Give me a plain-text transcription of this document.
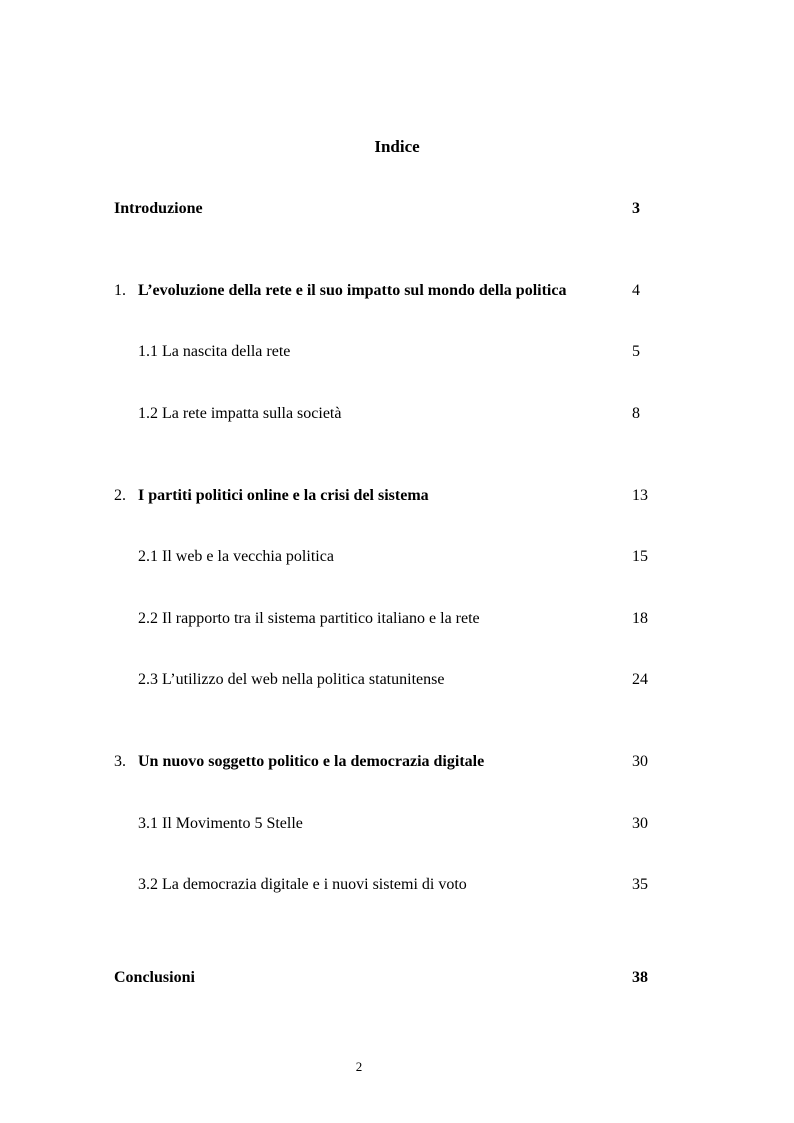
Indice
Introduzione	3
1. L’evoluzione della rete e il suo impatto sul mondo della politica	4
1.1 La nascita della rete	5
1.2 La rete impatta sulla società	8
2. I partiti politici online e la crisi del sistema	13
2.1 Il web e la vecchia politica	15
2.2 Il rapporto tra il sistema partitico italiano e la rete	18
2.3 L’utilizzo del web nella politica statunitense	24
3. Un nuovo soggetto politico e la democrazia digitale	30
3.1 Il Movimento 5 Stelle	30
3.2 La democrazia digitale e i nuovi sistemi di voto	35
Conclusioni	38
2
